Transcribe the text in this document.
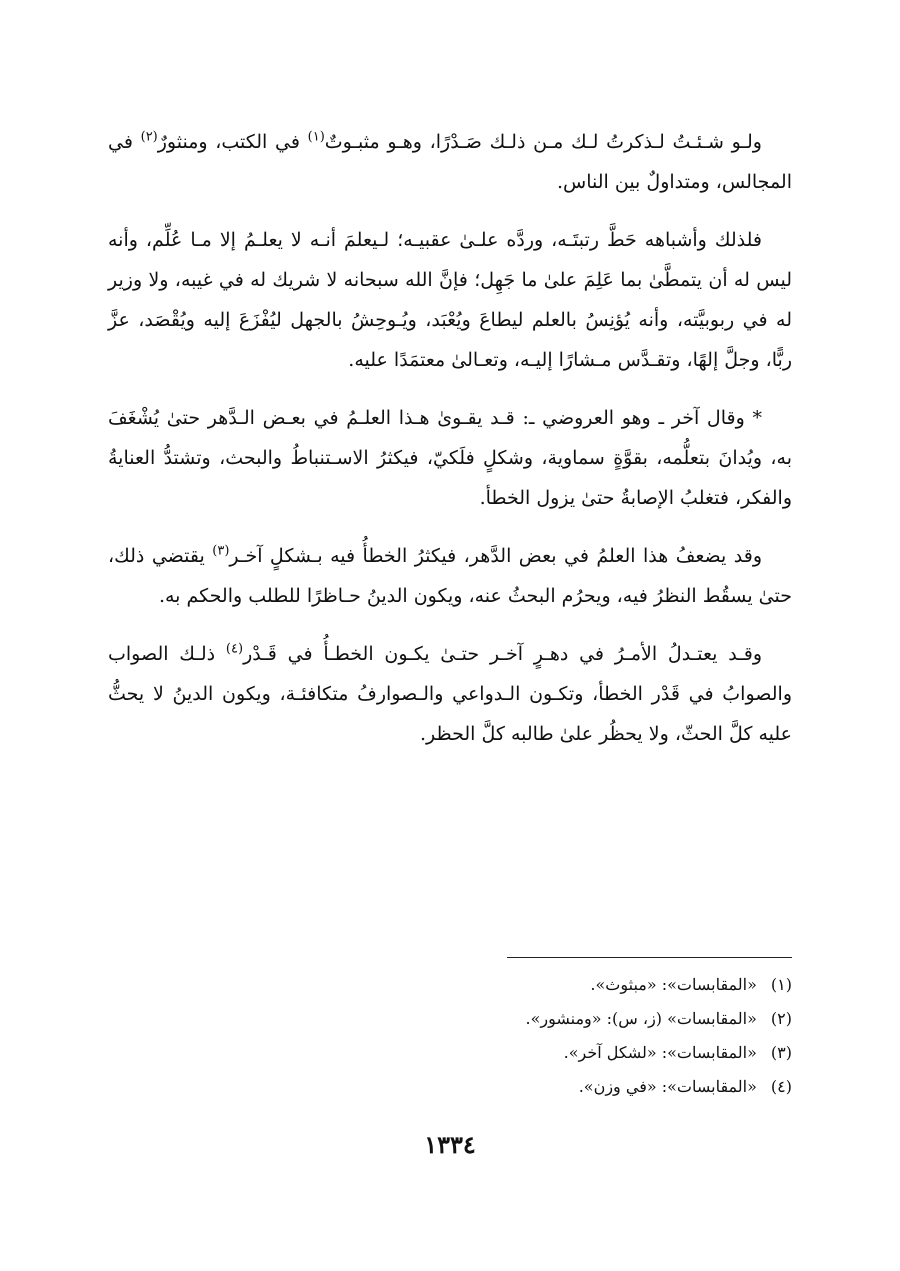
ولـو شـئـتُ لـذكرتُ لـك مـن ذلـك صَـدْرًا، وهـو مثبـوتٌ$^{(١)}$ في الكتب، ومنثورٌ$^{(٢)}$ في المجالس، ومتداولٌ بين الناس.

فلذلك وأشباهه حَطَّ رتبتَـه، وردَّه علـىٰ عقبيـه؛ لـيعلمَ أنـه لا يعلـمُ إلا مـا عُلِّم، وأنه ليس له أن يتمطَّىٰ بما عَلِمَ علىٰ ما جَهِل؛ فإنَّ الله سبحانه لا شريك له في غيبه، ولا وزير له في ربوبيَّته، وأنه يُؤنِسُ بالعلم ليطاعَ ويُعْبَد، ويُـوحِشُ بالجهل ليُفْزَعَ إليه ويُقْصَد، عزَّ ربًّا، وجلَّ إلهًا، وتقـدَّس مـشارًا إليـه، وتعـالىٰ معتمَدًا عليه.

* وقال آخر ـ وهو العروضي ـ: قـد يقـوىٰ هـذا العلـمُ في بعـض الـدَّهر حتىٰ يُشْغَفَ به، ويُدانَ بتعلُّمه، بقوَّةٍ سماوية، وشكلٍ فلَكيّ، فيكثرُ الاسـتنباطُ والبحث، وتشتدُّ العنايةُ والفكر، فتغلبُ الإصابةُ حتىٰ يزول الخطأ.

وقد يضعفُ هذا العلمُ في بعض الدَّهر، فيكثرُ الخطأُ فيه بـشكلٍ آخـر$^{(٣)}$ يقتضي ذلك، حتىٰ يسقُط النظرُ فيه، ويحرُم البحثُ عنه، ويكون الدينُ حـاظرًا للطلب والحكم به.

وقـد يعتـدلُ الأمـرُ في دهـرٍ آخـر حتـىٰ يكـون الخطـأُ في قَـدْر$^{(٤)}$ ذلـك الصواب والصوابُ في قَدْر الخطأ، وتكـون الـدواعي والـصوارفُ متكافئـة، ويكون الدينُ لا يحثُّ عليه كلَّ الحثّ، ولا يحظُر علىٰ طالبه كلَّ الحظر.

(١)«المقابسات»: «مبثوث».

(٢)«المقابسات» (ز، س): «ومنشور».

(٣)«المقابسات»: «لشكل آخر».

(٤)«المقابسات»: «في وزن».

١٣٣٤
